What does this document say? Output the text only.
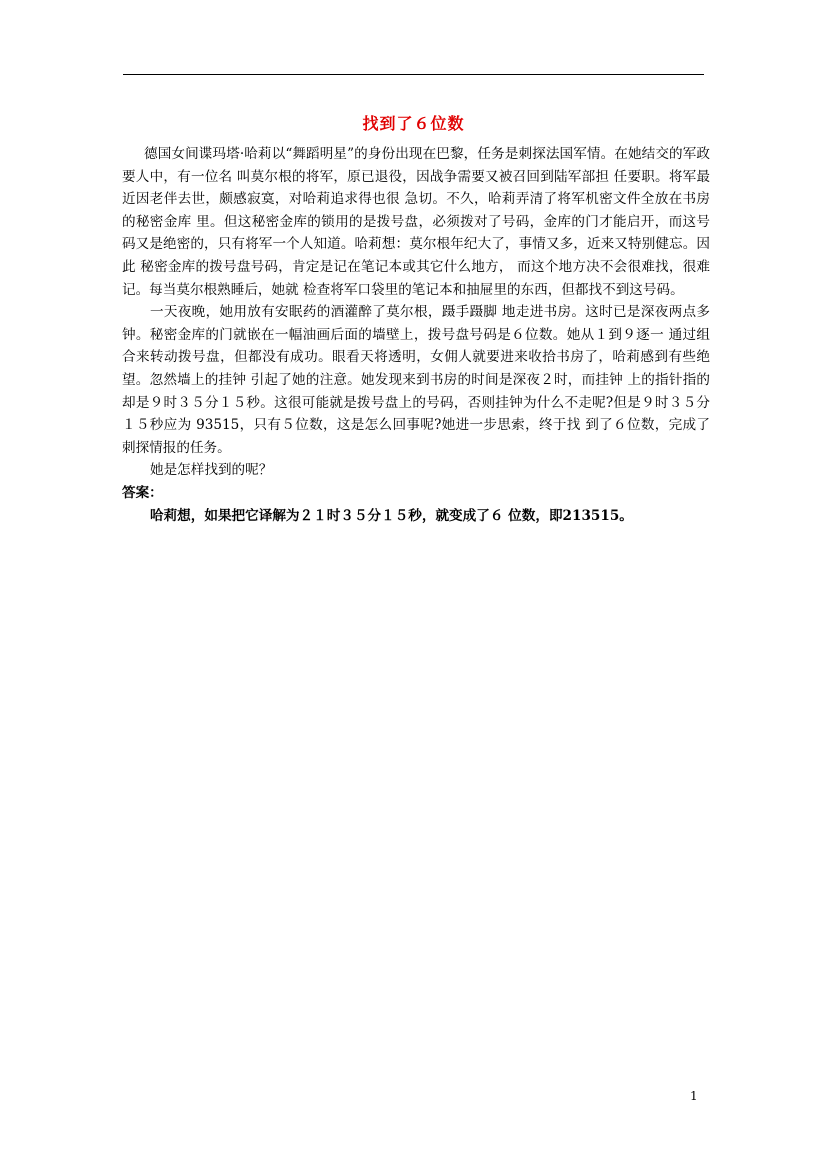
找到了６位数

德国女间谍玛塔·哈莉以“舞蹈明星”的身份出现在巴黎，任务是刺探法国军情。在她结交的军政要人中，有一位名 叫莫尔根的将军，原已退役，因战争需要又被召回到陆军部担 任要职。将军最近因老伴去世，颇感寂寞，对哈莉追求得也很 急切。不久，哈莉弄清了将军机密文件全放在书房的秘密金库 里。但这秘密金库的锁用的是拨号盘，必须拨对了号码，金库的门才能启开，而这号码又是绝密的，只有将军一个人知道。哈莉想：莫尔根年纪大了，事情又多，近来又特别健忘。因此 秘密金库的拨号盘号码，肯定是记在笔记本或其它什么地方， 而这个地方决不会很难找，很难记。每当莫尔根熟睡后，她就 检查将军口袋里的笔记本和抽屉里的东西，但都找不到这号码。

一天夜晚，她用放有安眠药的酒灌醉了莫尔根，蹑手蹑脚 地走进书房。这时已是深夜两点多钟。秘密金库的门就嵌在一幅油画后面的墙壁上，拨号盘号码是６位数。她从１到９逐一 通过组合来转动拨号盘，但都没有成功。眼看天将透明，女佣人就要进来收拾书房了，哈莉感到有些绝望。忽然墙上的挂钟 引起了她的注意。她发现来到书房的时间是深夜２时，而挂钟 上的指针指的却是９时３５分１５秒。这很可能就是拨号盘上的号码，否则挂钟为什么不走呢?但是９时３５分１５秒应为 93515，只有５位数，这是怎么回事呢?她进一步思索，终于找 到了６位数，完成了刺探情报的任务。

她是怎样找到的呢？

答案：

哈莉想，如果把它译解为２１时３５分１５秒，就变成了６ 位数，即213515。

1
